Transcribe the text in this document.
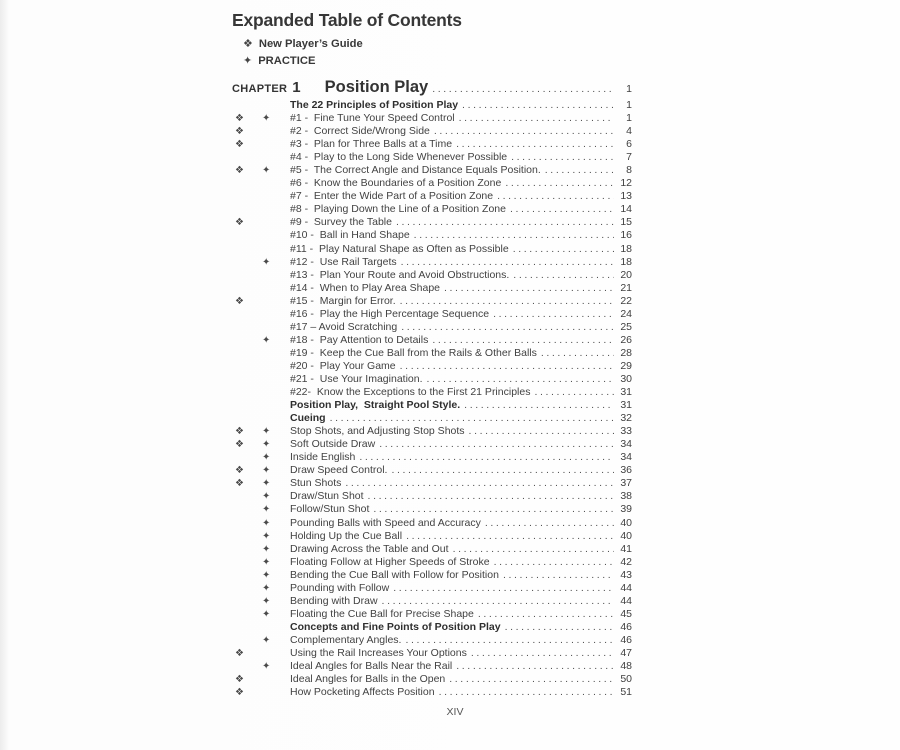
Expanded Table of Contents
❖ New Player’s Guide
✦ PRACTICE
CHAPTER 1 Position Play .....	1
The 22 Principles of Position Play .....	1
❖	✦	#1 -  Fine Tune Your Speed Control .....	1
❖	#2 -  Correct Side/Wrong Side .....	4
❖	#3 -  Plan for Three Balls at a Time .....	6
#4 -  Play to the Long Side Whenever Possible .....	7
❖	✦	#5 -  The Correct Angle and Distance Equals Position. .....	8
#6 -  Know the Boundaries of a Position Zone .....	12
#7 -  Enter the Wide Part of a Position Zone .....	13
#8 -  Playing Down the Line of a Position Zone .....	14
❖	#9 -  Survey the Table .....	15
#10 -  Ball in Hand Shape .....	16
#11 -  Play Natural Shape as Often as Possible .....	18
✦	#12 -  Use Rail Targets .....	18
#13 -  Plan Your Route and Avoid Obstructions. .....	20
#14 -  When to Play Area Shape .....	21
❖	#15 -  Margin for Error. .....	22
#16 -  Play the High Percentage Sequence .....	24
#17 – Avoid Scratching .....	25
✦	#18 -  Pay Attention to Details .....	26
#19 -  Keep the Cue Ball from the Rails & Other Balls .....	28
#20 -  Play Your Game .....	29
#21 -  Use Your Imagination. .....	30
#22-  Know the Exceptions to the First 21 Principles .....	31
Position Play,  Straight Pool Style. .....	31
Cueing .....	32
❖	✦	Stop Shots, and Adjusting Stop Shots .....	33
❖	✦	Soft Outside Draw .....	34
✦	Inside English .....	34
❖	✦	Draw Speed Control. .....	36
❖	✦	Stun Shots .....	37
✦	Draw/Stun Shot .....	38
✦	Follow/Stun Shot .....	39
✦	Pounding Balls with Speed and Accuracy .....	40
✦	Holding Up the Cue Ball .....	40
✦	Drawing Across the Table and Out .....	41
✦	Floating Follow at Higher Speeds of Stroke .....	42
✦	Bending the Cue Ball with Follow for Position .....	43
✦	Pounding with Follow .....	44
✦	Bending with Draw .....	44
✦	Floating the Cue Ball for Precise Shape .....	45
Concepts and Fine Points of Position Play .....	46
✦	Complementary Angles. .....	46
❖	Using the Rail Increases Your Options .....	47
✦	Ideal Angles for Balls Near the Rail .....	48
❖	Ideal Angles for Balls in the Open .....	50
❖	How Pocketing Affects Position .....	51
XIV
